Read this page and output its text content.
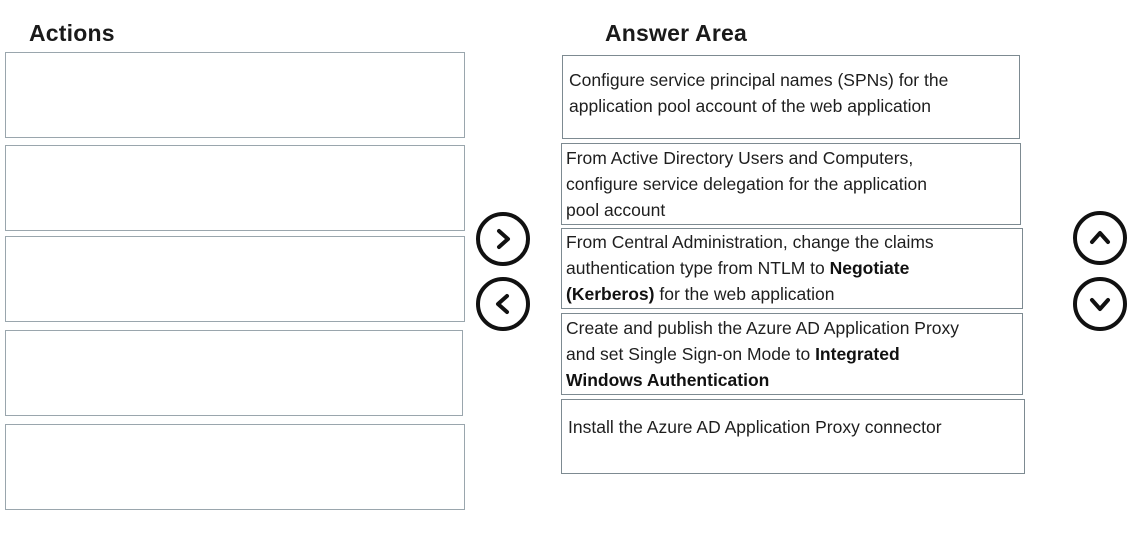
Actions	Answer Area
Configure service principal names (SPNs) for the
application pool account of the web application
From Active Directory Users and Computers,
configure service delegation for the application
pool account
From Central Administration, change the claims
authentication type from NTLM to Negotiate
(Kerberos) for the web application
Create and publish the Azure AD Application Proxy
and set Single Sign-on Mode to Integrated
Windows Authentication
Install the Azure AD Application Proxy connector
